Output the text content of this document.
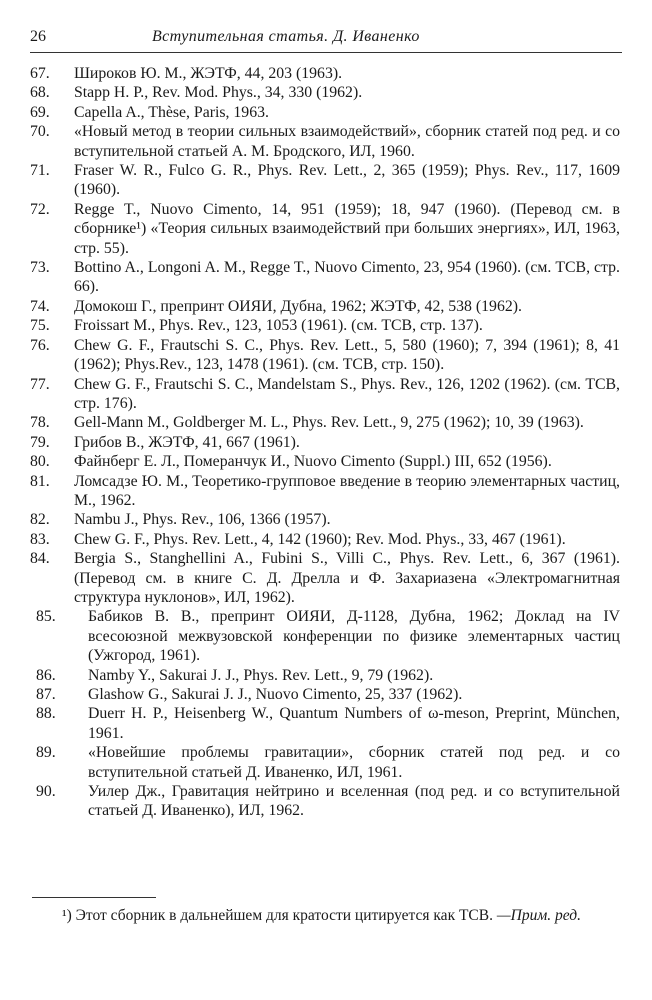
26	Вступительная статья. Д. Иваненко
67.	Широков Ю. М., ЖЭТФ, 44, 203 (1963).
68.	Stapp H. P., Rev. Mod. Phys., 34, 330 (1962).
69.	Capella A., Thèse, Paris, 1963.
70.	«Новый метод в теории сильных взаимодействий», сборник статей под ред. и со вступительной статьей А. М. Бродского, ИЛ, 1960.
71.	Fraser W. R., Fulco G. R., Phys. Rev. Lett., 2, 365 (1959); Phys. Rev., 117, 1609 (1960).
72.	Regge T., Nuovo Cimento, 14, 951 (1959); 18, 947 (1960). (Перевод см. в сборнике¹) «Теория сильных взаимодействий при больших энергиях», ИЛ, 1963, стр. 55).
73.	Bottino A., Longoni A. M., Regge T., Nuovo Cimento, 23, 954 (1960). (см. ТСВ, стр. 66).
74.	Домокош Г., препринт ОИЯИ, Дубна, 1962; ЖЭТФ, 42, 538 (1962).
75.	Froissart M., Phys. Rev., 123, 1053 (1961). (см. ТСВ, стр. 137).
76.	Chew G. F., Frautschi S. C., Phys. Rev. Lett., 5, 580 (1960); 7, 394 (1961); 8, 41 (1962); Phys.Rev., 123, 1478 (1961). (см. ТСВ, стр. 150).
77.	Chew G. F., Frautschi S. C., Mandelstam S., Phys. Rev., 126, 1202 (1962). (см. ТСВ, стр. 176).
78.	Gell-Mann M., Goldberger M. L., Phys. Rev. Lett., 9, 275 (1962); 10, 39 (1963).
79.	Грибов В., ЖЭТФ, 41, 667 (1961).
80.	Файнберг Е. Л., Померанчук И., Nuovo Cimento (Suppl.) III, 652 (1956).
81.	Ломсадзе Ю. М., Теоретико-групповое введение в теорию элементарных частиц, М., 1962.
82.	Nambu J., Phys. Rev., 106, 1366 (1957).
83.	Chew G. F., Phys. Rev. Lett., 4, 142 (1960); Rev. Mod. Phys., 33, 467 (1961).
84.	Bergia S., Stanghellini A., Fubini S., Villi C., Phys. Rev. Lett., 6, 367 (1961). (Перевод см. в книге С. Д. Дрелла и Ф. Захариазена «Электромагнитная структура нуклонов», ИЛ, 1962).
85.	Бабиков В. В., препринт ОИЯИ, Д-1128, Дубна, 1962; Доклад на IV всесоюзной межвузовской конференции по физике элементарных частиц (Ужгород, 1961).
86.	Namby Y., Sakurai J. J., Phys. Rev. Lett., 9, 79 (1962).
87.	Glashow G., Sakurai J. J., Nuovo Cimento, 25, 337 (1962).
88.	Duerr H. P., Heisenberg W., Quantum Numbers of ω-meson, Preprint, München, 1961.
89.	«Новейшие проблемы гравитации», сборник статей под ред. и со вступительной статьей Д. Иваненко, ИЛ, 1961.
90.	Уилер Дж., Гравитация нейтрино и вселенная (под ред. и со вступительной статьей Д. Иваненко), ИЛ, 1962.
¹) Этот сборник в дальнейшем для кратости цитируется как ТСВ. —Прим. ред.
